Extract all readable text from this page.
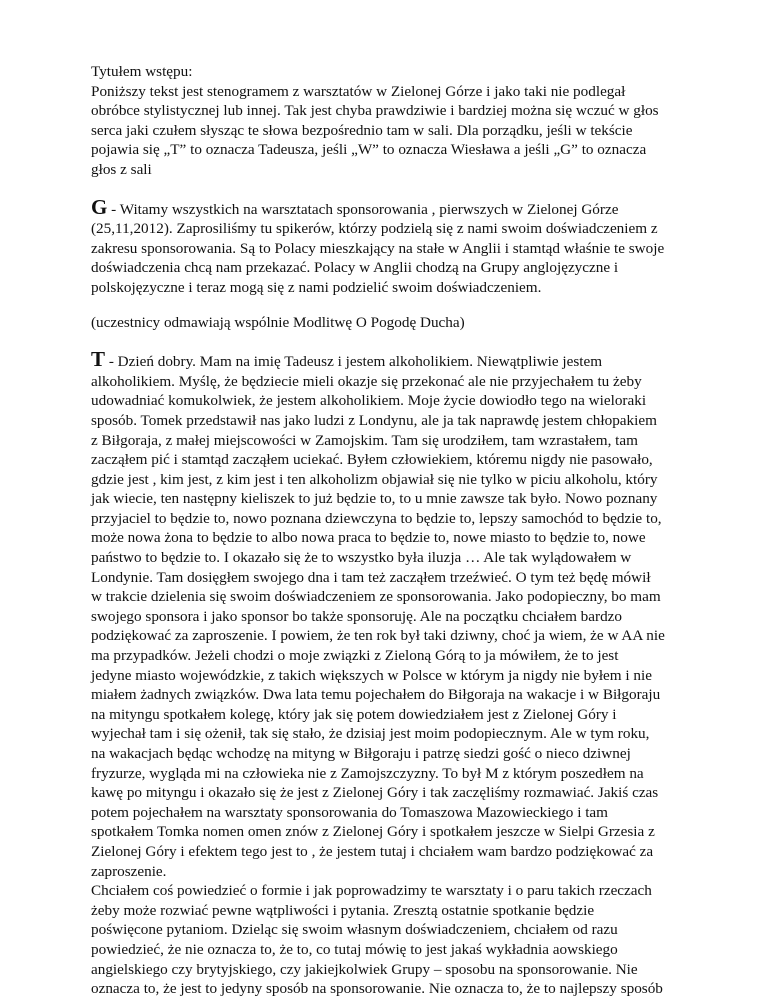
Tytułem wstępu:
Poniższy tekst jest stenogramem z warsztatów w Zielonej Górze i jako taki nie podlegał
obróbce stylistycznej lub innej. Tak jest chyba prawdziwie i bardziej można się wczuć w głos
serca jaki czułem słysząc te słowa bezpośrednio tam w sali. Dla porządku, jeśli w tekście
pojawia się „T” to oznacza Tadeusza, jeśli „W” to oznacza Wiesława a jeśli „G” to oznacza
głos z sali
G - Witamy wszystkich na warsztatach sponsorowania , pierwszych w Zielonej Górze
(25,11,2012). Zaprosiliśmy tu spikerów, którzy podzielą się z nami swoim doświadczeniem z
zakresu sponsorowania. Są to Polacy mieszkający na stałe w Anglii i stamtąd właśnie te swoje
doświadczenia chcą nam przekazać. Polacy w Anglii chodzą na Grupy anglojęzyczne i
polskojęzyczne i teraz mogą się z nami podzielić swoim doświadczeniem.
(uczestnicy odmawiają wspólnie Modlitwę O Pogodę Ducha)
T - Dzień dobry. Mam na imię Tadeusz i jestem alkoholikiem. Niewątpliwie jestem
alkoholikiem. Myślę, że będziecie mieli okazje się przekonać ale nie przyjechałem tu żeby
udowadniać komukolwiek, że jestem alkoholikiem. Moje życie dowiodło tego na wieloraki
sposób. Tomek przedstawił nas jako ludzi z Londynu, ale ja tak naprawdę jestem chłopakiem
z Biłgoraja, z małej miejscowości w Zamojskim. Tam się urodziłem, tam wzrastałem, tam
zacząłem pić i stamtąd zacząłem uciekać. Byłem człowiekiem, któremu nigdy nie pasowało,
gdzie jest , kim jest, z kim jest i ten alkoholizm objawiał się nie tylko w piciu alkoholu, który
jak wiecie, ten następny kieliszek to już będzie to, to u mnie zawsze tak było. Nowo poznany
przyjaciel to będzie to, nowo poznana dziewczyna to będzie to, lepszy samochód to będzie to,
może nowa żona to będzie to albo nowa praca to będzie to, nowe miasto to będzie to, nowe
państwo to będzie to. I okazało się że to wszystko była iluzja … Ale tak wylądowałem w
Londynie. Tam dosięgłem swojego dna i tam też zacząłem trzeźwieć. O tym też będę mówił
w trakcie dzielenia się swoim doświadczeniem ze sponsorowania. Jako podopieczny, bo mam
swojego sponsora i jako sponsor bo także sponsoruję. Ale na początku chciałem bardzo
podziękować za zaproszenie. I powiem, że ten rok był taki dziwny, choć ja wiem, że w AA nie
ma przypadków. Jeżeli chodzi o moje związki z Zieloną Górą to ja mówiłem, że to jest
jedyne miasto wojewódzkie, z takich większych w Polsce w którym ja nigdy nie byłem i nie
miałem żadnych związków. Dwa lata temu pojechałem do Biłgoraja na wakacje i w Biłgoraju
na mityngu spotkałem kolegę, który jak się potem dowiedziałem jest z Zielonej Góry i
wyjechał tam i się ożenił, tak się stało, że dzisiaj jest moim podopiecznym. Ale w tym roku,
na wakacjach będąc wchodzę na mityng w Biłgoraju i patrzę siedzi gość o nieco dziwnej
fryzurze, wygląda mi na człowieka nie z Zamojszczyzny. To był M z którym poszedłem na
kawę po mityngu i okazało się że jest z Zielonej Góry i tak zaczęliśmy rozmawiać. Jakiś czas
potem pojechałem na warsztaty sponsorowania do Tomaszowa Mazowieckiego i tam
spotkałem Tomka nomen omen znów z Zielonej Góry i spotkałem jeszcze w Sielpi Grzesia z
Zielonej Góry i efektem tego jest to , że jestem tutaj i chciałem wam bardzo podziękować za
zaproszenie.
Chciałem coś powiedzieć o formie i jak poprowadzimy te warsztaty i o paru takich rzeczach
żeby może rozwiać pewne wątpliwości i pytania. Zresztą ostatnie spotkanie będzie
poświęcone pytaniom. Dzieląc się swoim własnym doświadczeniem, chciałem od razu
powiedzieć, że nie oznacza to, że to, co tutaj mówię to jest jakaś wykładnia aowskiego
angielskiego czy brytyjskiego, czy jakiejkolwiek Grupy – sposobu na sponsorowanie. Nie
oznacza to, że jest to jedyny sposób na sponsorowanie. Nie oznacza to, że to najlepszy sposób
